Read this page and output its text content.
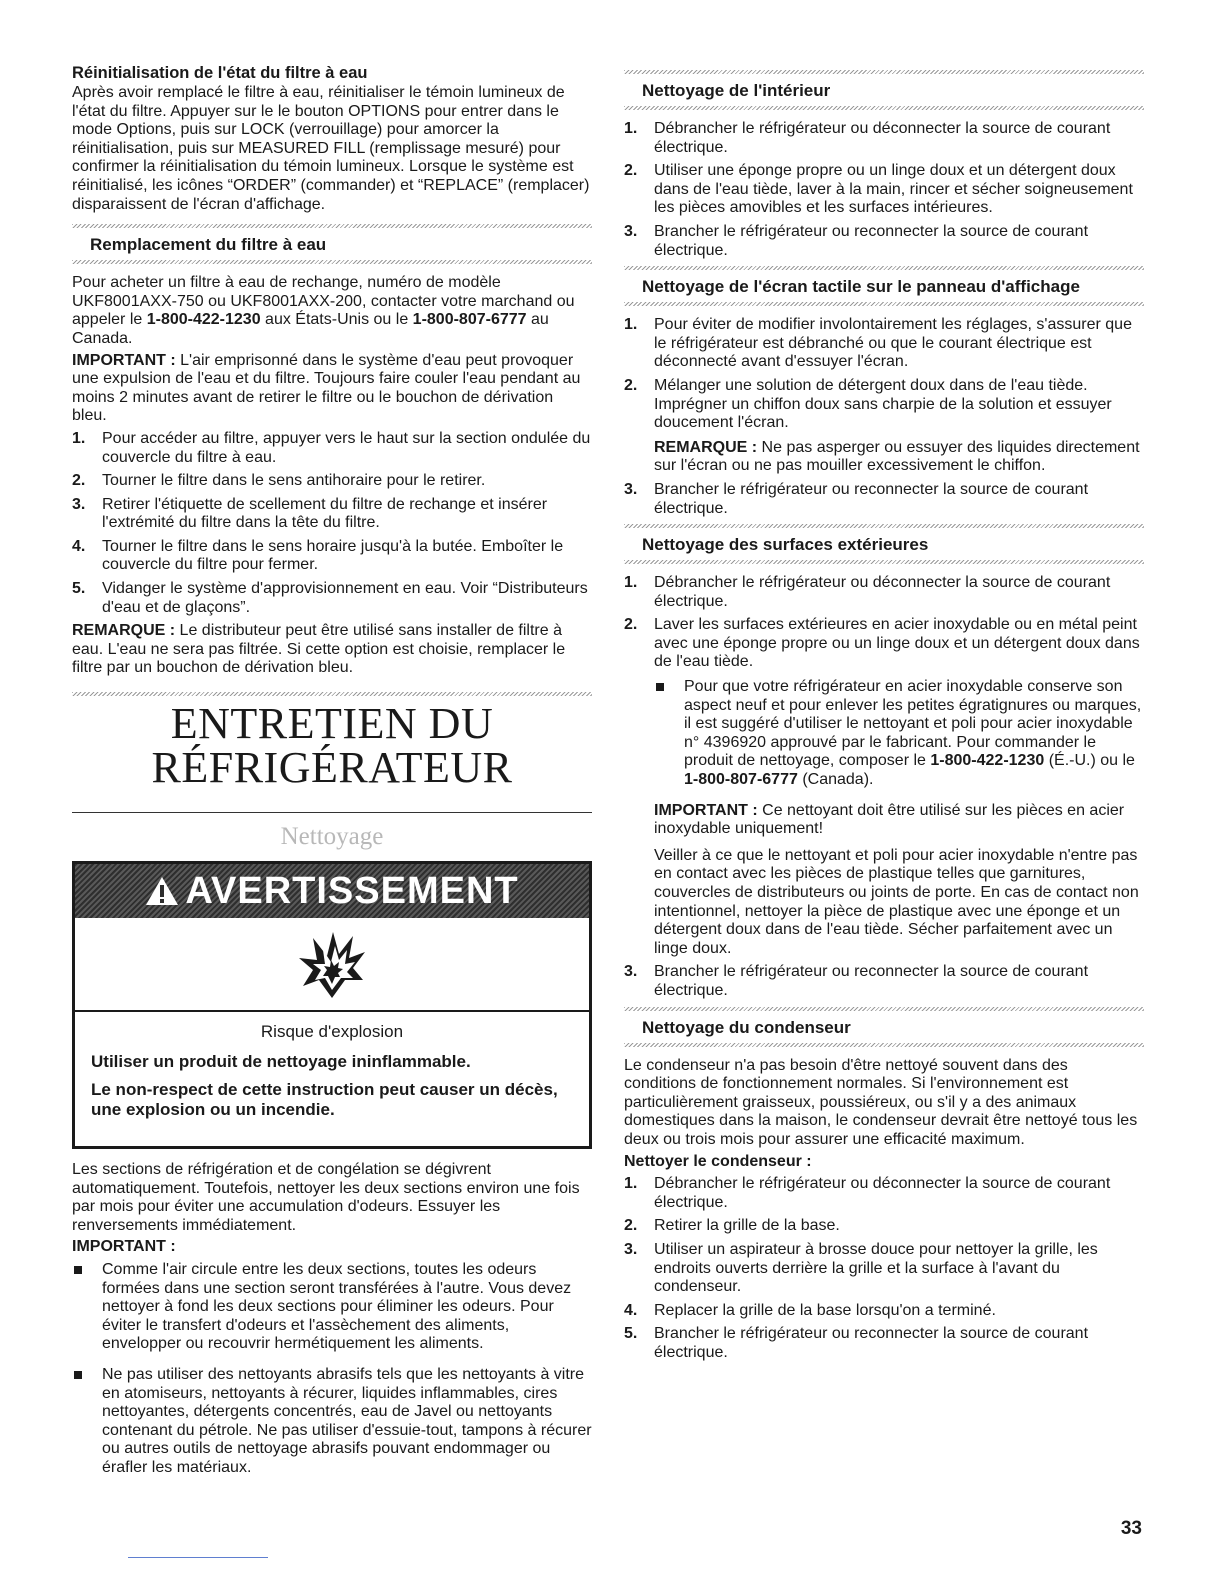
Réinitialisation de l'état du filtre à eau

Après avoir remplacé le filtre à eau, réinitialiser le témoin lumineux de l'état du filtre. Appuyer sur le le bouton OPTIONS pour entrer dans le mode Options, puis sur LOCK (verrouillage) pour amorcer la réinitialisation, puis sur MEASURED FILL (remplissage mesuré) pour confirmer la réinitialisation du témoin lumineux. Lorsque le système est réinitialisé, les icônes “ORDER” (commander) et “REPLACE” (remplacer) disparaissent de l'écran d'affichage.

Remplacement du filtre à eau

Pour acheter un filtre à eau de rechange, numéro de modèle UKF8001AXX-750 ou UKF8001AXX-200, contacter votre marchand ou appeler le 1-800-422-1230 aux États-Unis ou le 1-800-807-6777 au Canada.

IMPORTANT : L'air emprisonné dans le système d'eau peut provoquer une expulsion de l'eau et du filtre. Toujours faire couler l'eau pendant au moins 2 minutes avant de retirer le filtre ou le bouchon de dérivation bleu.

1. Pour accéder au filtre, appuyer vers le haut sur la section ondulée du couvercle du filtre à eau.
2. Tourner le filtre dans le sens antihoraire pour le retirer.
3. Retirer l'étiquette de scellement du filtre de rechange et insérer l'extrémité du filtre dans la tête du filtre.
4. Tourner le filtre dans le sens horaire jusqu'à la butée. Emboîter le couvercle du filtre pour fermer.
5. Vidanger le système d'approvisionnement en eau. Voir “Distributeurs d'eau et de glaçons”.

REMARQUE : Le distributeur peut être utilisé sans installer de filtre à eau. L'eau ne sera pas filtrée. Si cette option est choisie, remplacer le filtre par un bouchon de dérivation bleu.

ENTRETIEN DU
RÉFRIGÉRATEUR
Nettoyage
AVERTISSEMENT
Risque d'explosion
Utiliser un produit de nettoyage ininflammable.
Le non-respect de cette instruction peut causer un décès, une explosion ou un incendie.

Les sections de réfrigération et de congélation se dégivrent automatiquement. Toutefois, nettoyer les deux sections environ une fois par mois pour éviter une accumulation d'odeurs. Essuyer les renversements immédiatement.

IMPORTANT :

Comme l'air circule entre les deux sections, toutes les odeurs formées dans une section seront transférées à l'autre. Vous devez nettoyer à fond les deux sections pour éliminer les odeurs. Pour éviter le transfert d'odeurs et l'assèchement des aliments, envelopper ou recouvrir hermétiquement les aliments.
Ne pas utiliser des nettoyants abrasifs tels que les nettoyants à vitre en atomiseurs, nettoyants à récurer, liquides inflammables, cires nettoyantes, détergents concentrés, eau de Javel ou nettoyants contenant du pétrole. Ne pas utiliser d'essuie-tout, tampons à récurer ou autres outils de nettoyage abrasifs pouvant endommager ou érafler les matériaux.
Nettoyage de l'intérieur
1. Débrancher le réfrigérateur ou déconnecter la source de courant électrique.
2. Utiliser une éponge propre ou un linge doux et un détergent doux dans de l'eau tiède, laver à la main, rincer et sécher soigneusement les pièces amovibles et les surfaces intérieures.
3. Brancher le réfrigérateur ou reconnecter la source de courant électrique.
Nettoyage de l'écran tactile sur le panneau d'affichage
1. Pour éviter de modifier involontairement les réglages, s'assurer que le réfrigérateur est débranché ou que le courant électrique est déconnecté avant d'essuyer l'écran.
2. Mélanger une solution de détergent doux dans de l'eau tiède. Imprégner un chiffon doux sans charpie de la solution et essuyer doucement l'écran.

REMARQUE : Ne pas asperger ou essuyer des liquides directement sur l'écran ou ne pas mouiller excessivement le chiffon.

3. Brancher le réfrigérateur ou reconnecter la source de courant électrique.
Nettoyage des surfaces extérieures
1. Débrancher le réfrigérateur ou déconnecter la source de courant électrique.
2. Laver les surfaces extérieures en acier inoxydable ou en métal peint avec une éponge propre ou un linge doux et un détergent doux dans de l'eau tiède.
Pour que votre réfrigérateur en acier inoxydable conserve son aspect neuf et pour enlever les petites égratignures ou marques, il est suggéré d'utiliser le nettoyant et poli pour acier inoxydable n° 4396920 approuvé par le fabricant. Pour commander le produit de nettoyage, composer le 1-800-422-1230 (É.-U.) ou le 1-800-807-6777 (Canada).

IMPORTANT : Ce nettoyant doit être utilisé sur les pièces en acier inoxydable uniquement!

Veiller à ce que le nettoyant et poli pour acier inoxydable n'entre pas en contact avec les pièces de plastique telles que garnitures, couvercles de distributeurs ou joints de porte. En cas de contact non intentionnel, nettoyer la pièce de plastique avec une éponge et un détergent doux dans de l'eau tiède. Sécher parfaitement avec un linge doux.

3. Brancher le réfrigérateur ou reconnecter la source de courant électrique.
Nettoyage du condenseur

Le condenseur n'a pas besoin d'être nettoyé souvent dans des conditions de fonctionnement normales. Si l'environnement est particulièrement graisseux, poussiéreux, ou s'il y a des animaux domestiques dans la maison, le condenseur devrait être nettoyé tous les deux ou trois mois pour assurer une efficacité maximum.

Nettoyer le condenseur :

1. Débrancher le réfrigérateur ou déconnecter la source de courant électrique.
2. Retirer la grille de la base.
3. Utiliser un aspirateur à brosse douce pour nettoyer la grille, les endroits ouverts derrière la grille et la surface à l'avant du condenseur.
4. Replacer la grille de la base lorsqu'on a terminé.
5. Brancher le réfrigérateur ou reconnecter la source de courant électrique.
33
